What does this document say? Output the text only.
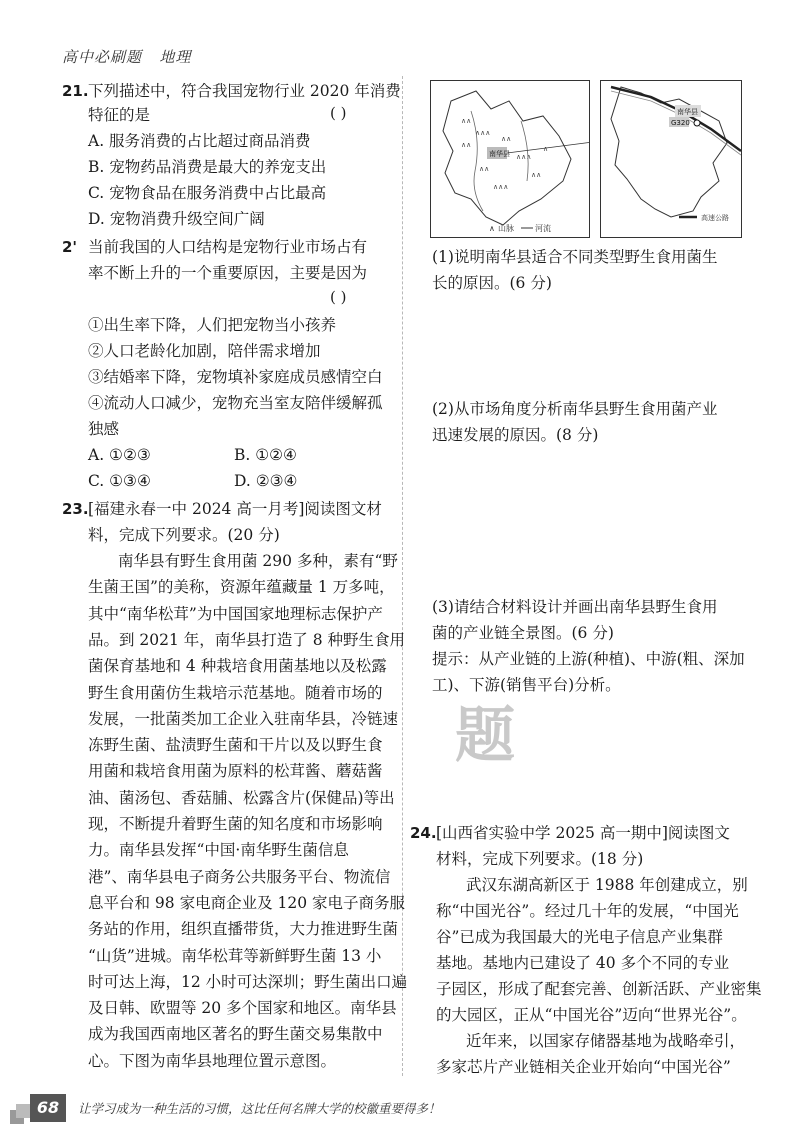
高中必刷题 地理
21. 下列描述中，符合我国宠物行业 2020 年消费
特征的是	( )
A. 服务消费的占比超过商品消费
B. 宠物药品消费是最大的养宠支出
C. 宠物食品在服务消费中占比最高
D. 宠物消费升级空间广阔
2' 当前我国的人口结构是宠物行业市场占有
率不断上升的一个重要原因，主要是因为
( )
①出生率下降，人们把宠物当小孩养
②人口老龄化加剧，陪伴需求增加
③结婚率下降，宠物填补家庭成员感情空白
④流动人口减少，宠物充当室友陪伴缓解孤
独感
A. ①②③	B. ①②④
C. ①③④	D. ②③④
23. [福建永春一中 2024 高一月考]阅读图文材
料，完成下列要求。(20 分)
南华县有野生食用菌 290 多种，素有“野
生菌王国”的美称，资源年蕴藏量 1 万多吨，
其中“南华松茸”为中国国家地理标志保护产
品。到 2021 年，南华县打造了 8 种野生食用
菌保育基地和 4 种栽培食用菌基地以及松露
野生食用菌仿生栽培示范基地。随着市场的
发展，一批菌类加工企业入驻南华县，冷链速
冻野生菌、盐渍野生菌和干片以及以野生食
用菌和栽培食用菌为原料的松茸酱、蘑菇酱
油、菌汤包、香菇脯、松露含片(保健品)等出
现，不断提升着野生菌的知名度和市场影响
力。南华县发挥“中国·南华野生菌信息
港”、南华县电子商务公共服务平台、物流信
息平台和 98 家电商企业及 120 家电子商务服
务站的作用，组织直播带货，大力推进野生菌
“山货”进城。南华松茸等新鲜野生菌 13 小
时可达上海，12 小时可达深圳；野生菌出口遍
及日韩、欧盟等 20 多个国家和地区。南华县
成为我国西南地区著名的野生菌交易集散中
心。下图为南华县地理位置示意图。
∧∧
∧∧∧
∧∧
∧∧
∧∧∧
∧∧
∧∧
∧∧∧
∧
南华县
∧ 山脉	河流
南华县
G320
高速公路
(1)说明南华县适合不同类型野生食用菌生
长的原因。(6 分)
(2)从市场角度分析南华县野生食用菌产业
迅速发展的原因。(8 分)
(3)请结合材料设计并画出南华县野生食用
菌的产业链全景图。(6 分)
提示：从产业链的上游(种植)、中游(粗、深加
工)、下游(销售平台)分析。
题
24. [山西省实验中学 2025 高一期中]阅读图文
材料，完成下列要求。(18 分)
武汉东湖高新区于 1988 年创建成立，别
称“中国光谷”。经过几十年的发展，“中国光
谷”已成为我国最大的光电子信息产业集群
基地。基地内已建设了 40 多个不同的专业
子园区，形成了配套完善、创新活跃、产业密集
的大园区，正从“中国光谷”迈向“世界光谷”。
近年来，以国家存储器基地为战略牵引，
多家芯片产业链相关企业开始向“中国光谷”
68	让学习成为一种生活的习惯，这比任何名牌大学的校徽重要得多！
